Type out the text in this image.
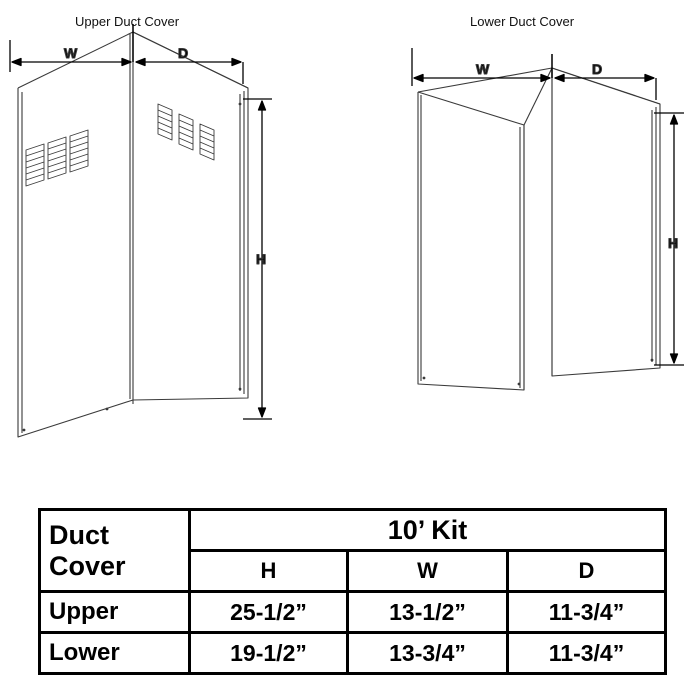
Upper Duct Cover	Lower Duct Cover
W	D
H
W	D
H
Duct
Cover	10’ Kit		
	H	W	D
Upper	25-1/2”	13-1/2”	11-3/4”
Lower	19-1/2”	13-3/4”	11-3/4”
